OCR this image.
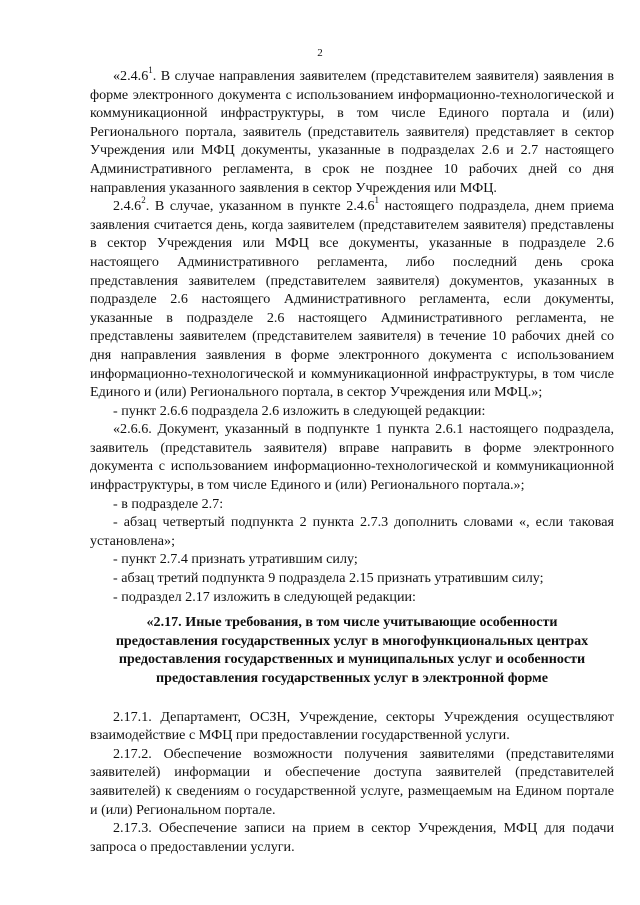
2

«2.4.6$^1$. В случае направления заявителем (представителем заявителя) заявления в форме электронного документа с использованием информационно-технологической и коммуникационной инфраструктуры, в том числе Единого портала и (или) Регионального портала, заявитель (представитель заявителя) представляет в сектор Учреждения или МФЦ документы, указанные в подразделах 2.6 и 2.7 настоящего Административного регламента, в срок не позднее 10 рабочих дней со дня направления указанного заявления в сектор Учреждения или МФЦ.

2.4.6$^2$. В случае, указанном в пункте 2.4.6$^1$ настоящего подраздела, днем приема заявления считается день, когда заявителем (представителем заявителя) представлены в сектор Учреждения или МФЦ все документы, указанные в подразделе 2.6 настоящего Административного регламента, либо последний день срока представления заявителем (представителем заявителя) документов, указанных в подразделе 2.6 настоящего Административного регламента, если документы, указанные в подразделе 2.6 настоящего Административного регламента, не представлены заявителем (представителем заявителя) в течение 10 рабочих дней со дня направления заявления в форме электронного документа с использованием информационно-технологической и коммуникационной инфраструктуры, в том числе Единого и (или) Регионального портала, в сектор Учреждения или МФЦ.»;

- пункт 2.6.6 подраздела 2.6 изложить в следующей редакции:

«2.6.6. Документ, указанный в подпункте 1 пункта 2.6.1 настоящего подраздела, заявитель (представитель заявителя) вправе направить в форме электронного документа с использованием информационно-технологической и коммуникационной инфраструктуры, в том числе Единого и (или) Регионального портала.»;

- в подразделе 2.7:

- абзац четвертый подпункта 2 пункта 2.7.3 дополнить словами «, если таковая установлена»;

- пункт 2.7.4 признать утратившим силу;

- абзац третий подпункта 9 подраздела 2.15 признать утратившим силу;

- подраздел 2.17 изложить в следующей редакции:

«2.17. Иные требования, в том числе учитывающие особенности
предоставления государственных услуг в многофункциональных центрах
предоставления государственных и муниципальных услуг и особенности
предоставления государственных услуг в электронной форме

2.17.1. Департамент, ОСЗН, Учреждение, секторы Учреждения осуществляют взаимодействие с МФЦ при предоставлении государственной услуги.

2.17.2. Обеспечение возможности получения заявителями (представителями заявителей) информации и обеспечение доступа заявителей (представителей заявителей) к сведениям о государственной услуге, размещаемым на Едином портале и (или) Региональном портале.

2.17.3. Обеспечение записи на прием в сектор Учреждения, МФЦ для подачи запроса о предоставлении услуги.
